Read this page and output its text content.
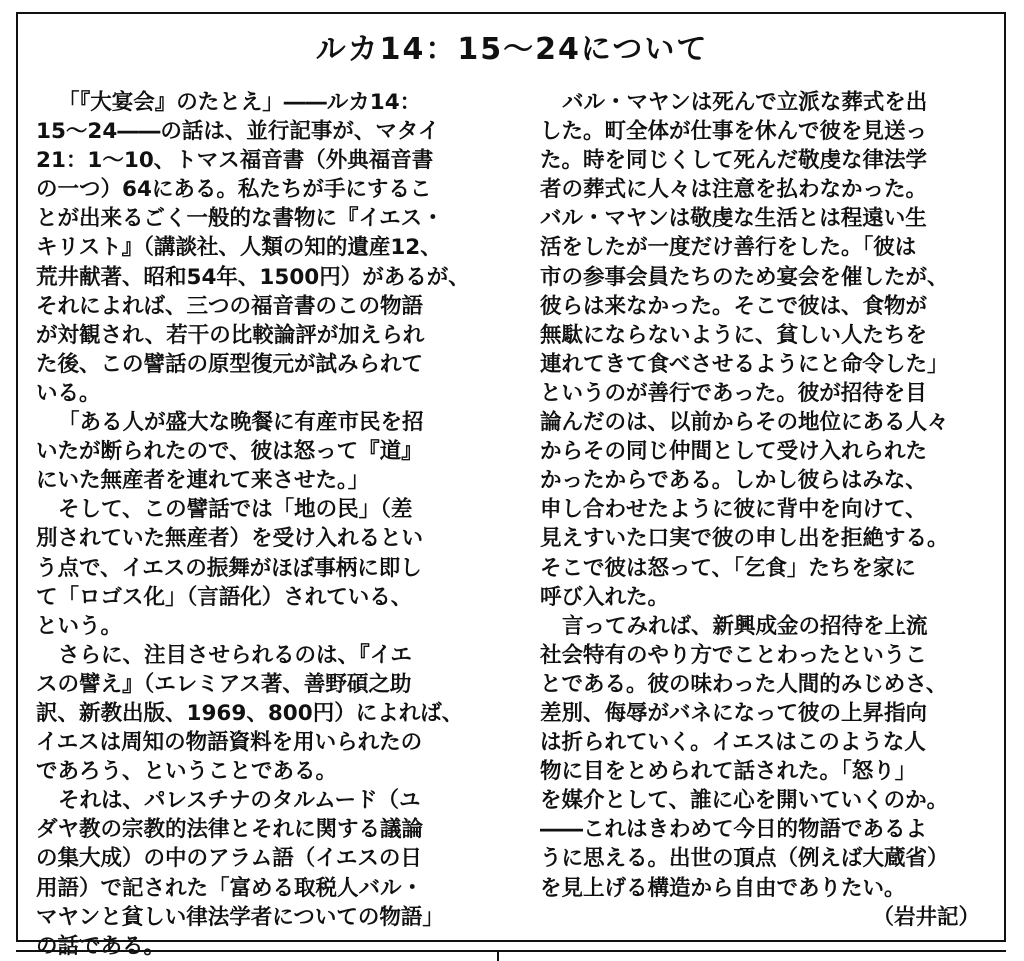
ルカ14：15〜24について
「『大宴会』のたとえ」――ルカ14：
15〜24――の話は、並行記事が、マタイ
21：1〜10、トマス福音書（外典福音書
の一つ）64にある。私たちが手にするこ
とが出来るごく一般的な書物に『イエス・
キリスト』（講談社、人類の知的遺産12、
荒井献著、昭和54年、1500円）があるが、
それによれば、三つの福音書のこの物語
が対観され、若干の比較論評が加えられ
た後、この譬話の原型復元が試みられて
いる。
「ある人が盛大な晩餐に有産市民を招
いたが断られたので、彼は怒って『道』
にいた無産者を連れて来させた。」
そして、この譬話では「地の民」（差
別されていた無産者）を受け入れるとい
う点で、イエスの振舞がほぼ事柄に即し
て「ロゴス化」（言語化）されている、
という。
さらに、注目させられるのは、『イエ
スの譬え』（エレミアス著、善野碩之助
訳、新教出版、1969、800円）によれば、
イエスは周知の物語資料を用いられたの
であろう、ということである。
それは、パレスチナのタルムード（ユ
ダヤ教の宗教的法律とそれに関する議論
の集大成）の中のアラム語（イエスの日
用語）で記された「富める取税人バル・
マヤンと貧しい律法学者についての物語」
の話である。
バル・マヤンは死んで立派な葬式を出
した。町全体が仕事を休んで彼を見送っ
た。時を同じくして死んだ敬虔な律法学
者の葬式に人々は注意を払わなかった。
バル・マヤンは敬虔な生活とは程遠い生
活をしたが一度だけ善行をした。「彼は
市の参事会員たちのため宴会を催したが、
彼らは来なかった。そこで彼は、食物が
無駄にならないように、貧しい人たちを
連れてきて食べさせるようにと命令した」
というのが善行であった。彼が招待を目
論んだのは、以前からその地位にある人々
からその同じ仲間として受け入れられた
かったからである。しかし彼らはみな、
申し合わせたように彼に背中を向けて、
見えすいた口実で彼の申し出を拒絶する。
そこで彼は怒って、「乞食」たちを家に
呼び入れた。
言ってみれば、新興成金の招待を上流
社会特有のやり方でことわったというこ
とである。彼の味わった人間的みじめさ、
差別、侮辱がバネになって彼の上昇指向
は折られていく。イエスはこのような人
物に目をとめられて話された。「怒り」
を媒介として、誰に心を開いていくのか。
――これはきわめて今日的物語であるよ
うに思える。出世の頂点（例えば大蔵省）
を見上げる構造から自由でありたい。
（岩井記）
